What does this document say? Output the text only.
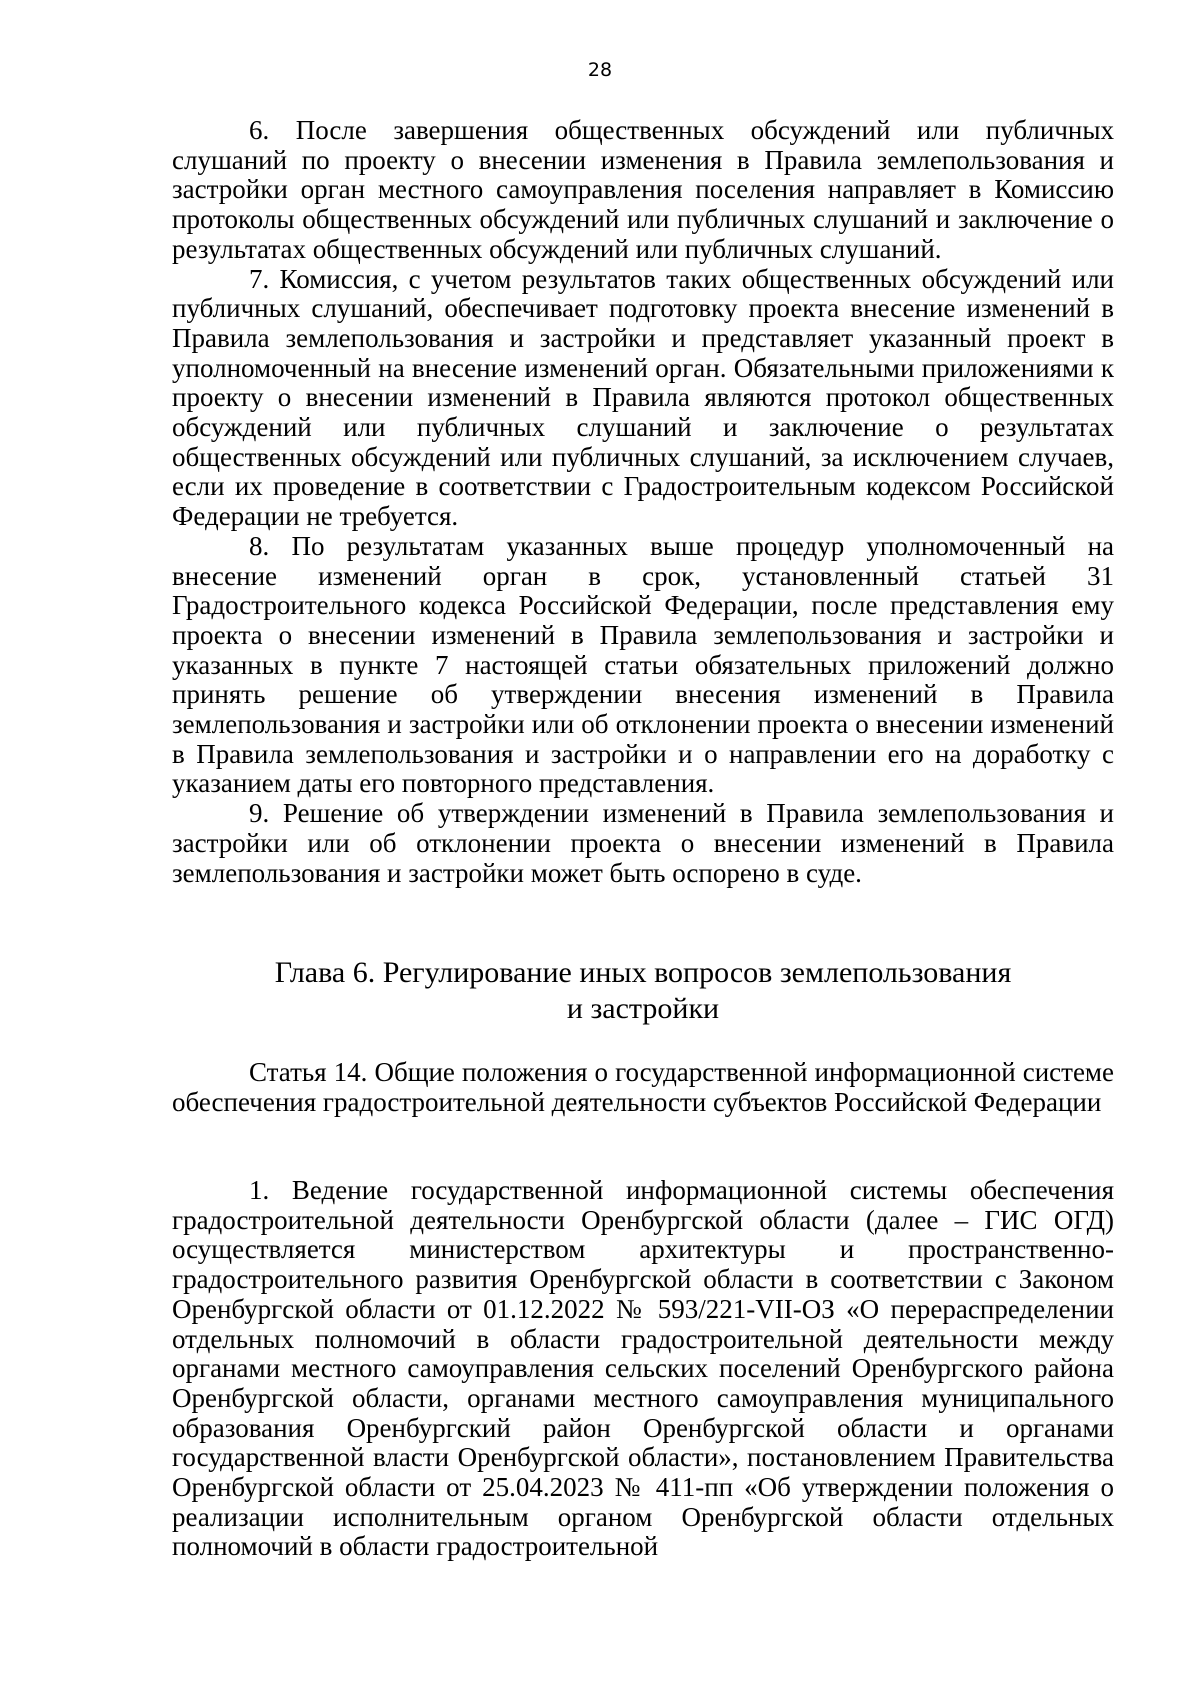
28

6. После завершения общественных обсуждений или публичных слушаний по проекту о внесении изменения в Правила землепользования и застройки орган местного самоуправления поселения направляет в Комиссию протоколы общественных обсуждений или публичных слушаний и заключение о результатах общественных обсуждений или публичных слушаний.

7. Комиссия, с учетом результатов таких общественных обсуждений или публичных слушаний, обеспечивает подготовку проекта внесение изменений в Правила землепользования и застройки и представляет указанный проект в уполномоченный на внесение изменений орган. Обязательными приложениями к проекту о внесении изменений в Правила являются протокол общественных обсуждений или публичных слушаний и заключение о результатах общественных обсуждений или публичных слушаний, за исключением случаев, если их проведение в соответствии с Градостроительным кодексом Российской Федерации не требуется.

8. По результатам указанных выше процедур уполномоченный на внесение изменений орган в срок, установленный статьей 31 Градостроительного кодекса Российской Федерации, после представления ему проекта о внесении изменений в Правила землепользования и застройки и указанных в пункте 7 настоящей статьи обязательных приложений должно принять решение об утверждении внесения изменений в Правила землепользования и застройки или об отклонении проекта о внесении изменений в Правила землепользования и застройки и о направлении его на доработку с указанием даты его повторного представления.

9. Решение об утверждении изменений в Правила землепользования и застройки или об отклонении проекта о внесении изменений в Правила землепользования и застройки может быть оспорено в суде.

Глава 6. Регулирование иных вопросов землепользования
и застройки

Статья 14. Общие положения о государственной информационной системе обеспечения градостроительной деятельности субъектов Российской Федерации

1. Ведение государственной информационной системы обеспечения градостроительной деятельности Оренбургской области (далее – ГИС ОГД) осуществляется министерством архитектуры и пространственно-градостроительного развития Оренбургской области в соответствии с Законом Оренбургской области от 01.12.2022 № 593/221-VII-ОЗ «О перераспределении отдельных полномочий в области градостроительной деятельности между органами местного самоуправления сельских поселений Оренбургского района Оренбургской области, органами местного самоуправления муниципального образования Оренбургский район Оренбургской области и органами государственной власти Оренбургской области», постановлением Правительства Оренбургской области от 25.04.2023 № 411-пп «Об утверждении положения о реализации исполнительным органом Оренбургской области отдельных полномочий в области градостроительной
